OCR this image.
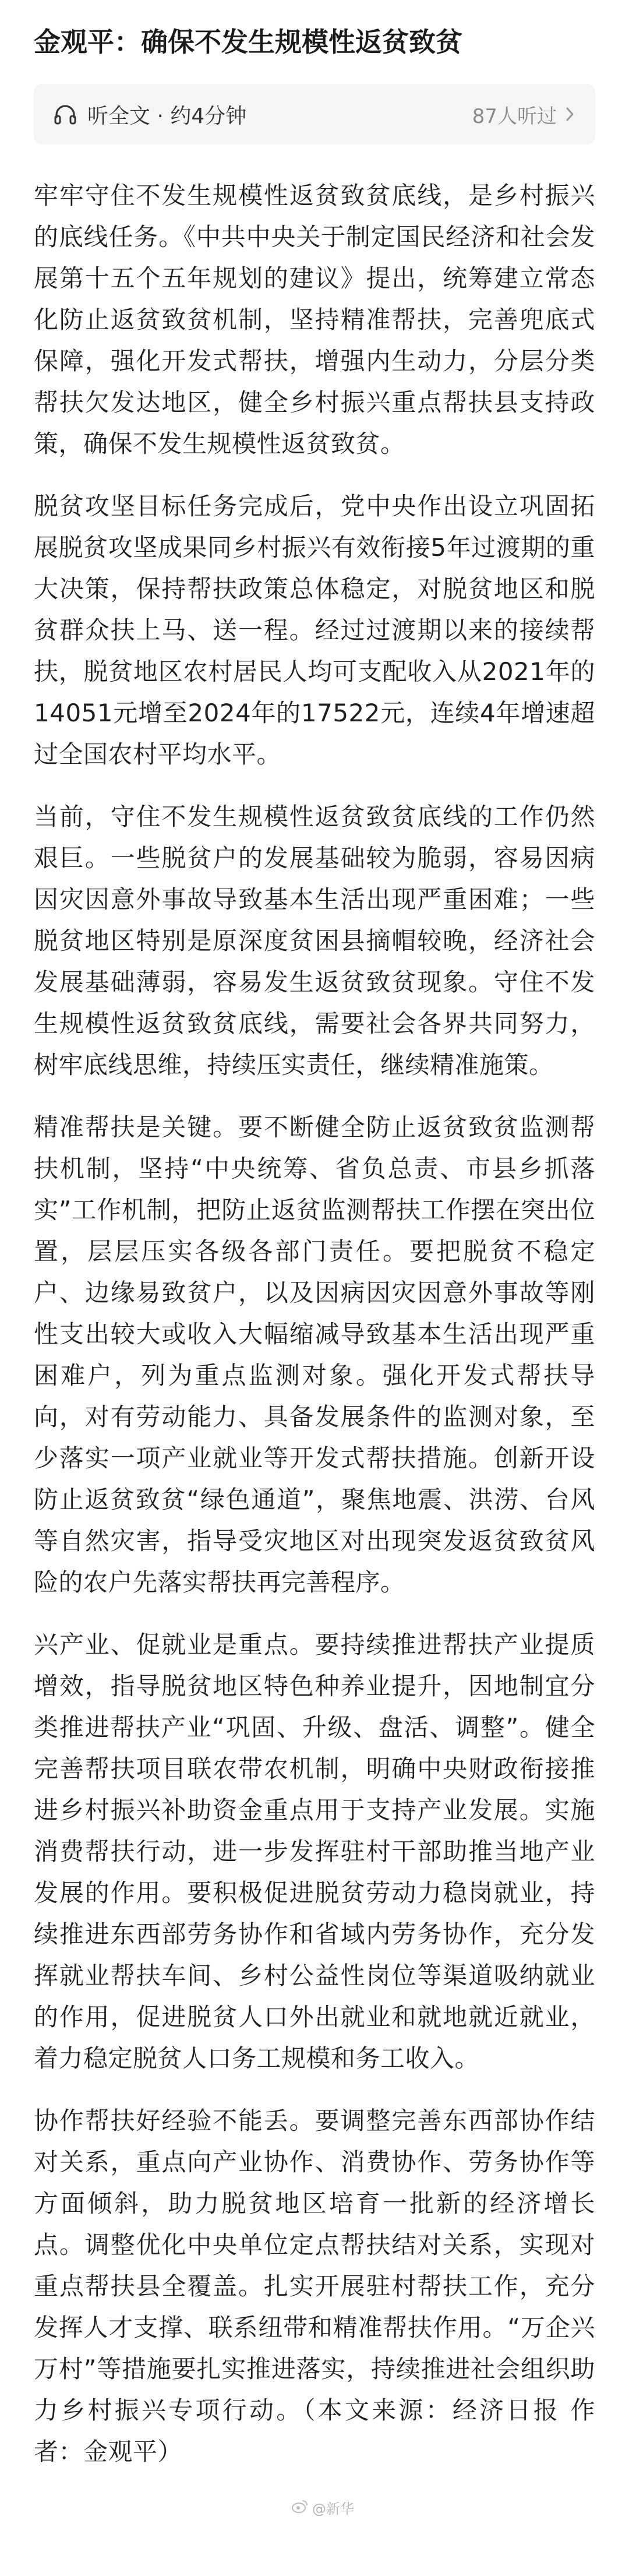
金观平：确保不发生规模性返贫致贫
听全文 · 约4分钟	87人听过

牢牢守住不发生规模性返贫致贫底线，是乡村振兴的底线任务。《中共中央关于制定国民经济和社会发展第十五个五年规划的建议》提出，统筹建立常态化防止返贫致贫机制，坚持精准帮扶，完善兜底式保障，强化开发式帮扶，增强内生动力，分层分类帮扶欠发达地区，健全乡村振兴重点帮扶县支持政策，确保不发生规模性返贫致贫。

脱贫攻坚目标任务完成后，党中央作出设立巩固拓展脱贫攻坚成果同乡村振兴有效衔接5年过渡期的重大决策，保持帮扶政策总体稳定，对脱贫地区和脱贫群众扶上马、送一程。经过过渡期以来的接续帮扶，脱贫地区农村居民人均可支配收入从2021年的14051元增至2024年的17522元，连续4年增速超过全国农村平均水平。

当前，守住不发生规模性返贫致贫底线的工作仍然艰巨。一些脱贫户的发展基础较为脆弱，容易因病因灾因意外事故导致基本生活出现严重困难；一些脱贫地区特别是原深度贫困县摘帽较晚，经济社会发展基础薄弱，容易发生返贫致贫现象。守住不发生规模性返贫致贫底线，需要社会各界共同努力，树牢底线思维，持续压实责任，继续精准施策。

精准帮扶是关键。要不断健全防止返贫致贫监测帮扶机制，坚持“中央统筹、省负总责、市县乡抓落实”工作机制，把防止返贫监测帮扶工作摆在突出位置，层层压实各级各部门责任。要把脱贫不稳定户、边缘易致贫户，以及因病因灾因意外事故等刚性支出较大或收入大幅缩减导致基本生活出现严重困难户，列为重点监测对象。强化开发式帮扶导向，对有劳动能力、具备发展条件的监测对象，至少落实一项产业就业等开发式帮扶措施。创新开设防止返贫致贫“绿色通道”，聚焦地震、洪涝、台风等自然灾害，指导受灾地区对出现突发返贫致贫风险的农户先落实帮扶再完善程序。

兴产业、促就业是重点。要持续推进帮扶产业提质增效，指导脱贫地区特色种养业提升，因地制宜分类推进帮扶产业“巩固、升级、盘活、调整”。健全完善帮扶项目联农带农机制，明确中央财政衔接推进乡村振兴补助资金重点用于支持产业发展。实施消费帮扶行动，进一步发挥驻村干部助推当地产业发展的作用。要积极促进脱贫劳动力稳岗就业，持续推进东西部劳务协作和省域内劳务协作，充分发挥就业帮扶车间、乡村公益性岗位等渠道吸纳就业的作用，促进脱贫人口外出就业和就地就近就业，着力稳定脱贫人口务工规模和务工收入。

协作帮扶好经验不能丢。要调整完善东西部协作结对关系，重点向产业协作、消费协作、劳务协作等方面倾斜，助力脱贫地区培育一批新的经济增长点。调整优化中央单位定点帮扶结对关系，实现对重点帮扶县全覆盖。扎实开展驻村帮扶工作，充分发挥人才支撑、联系纽带和精准帮扶作用。“万企兴万村”等措施要扎实推进落实，持续推进社会组织助力乡村振兴专项行动。（本文来源：经济日报 作者：金观平）

@新华
